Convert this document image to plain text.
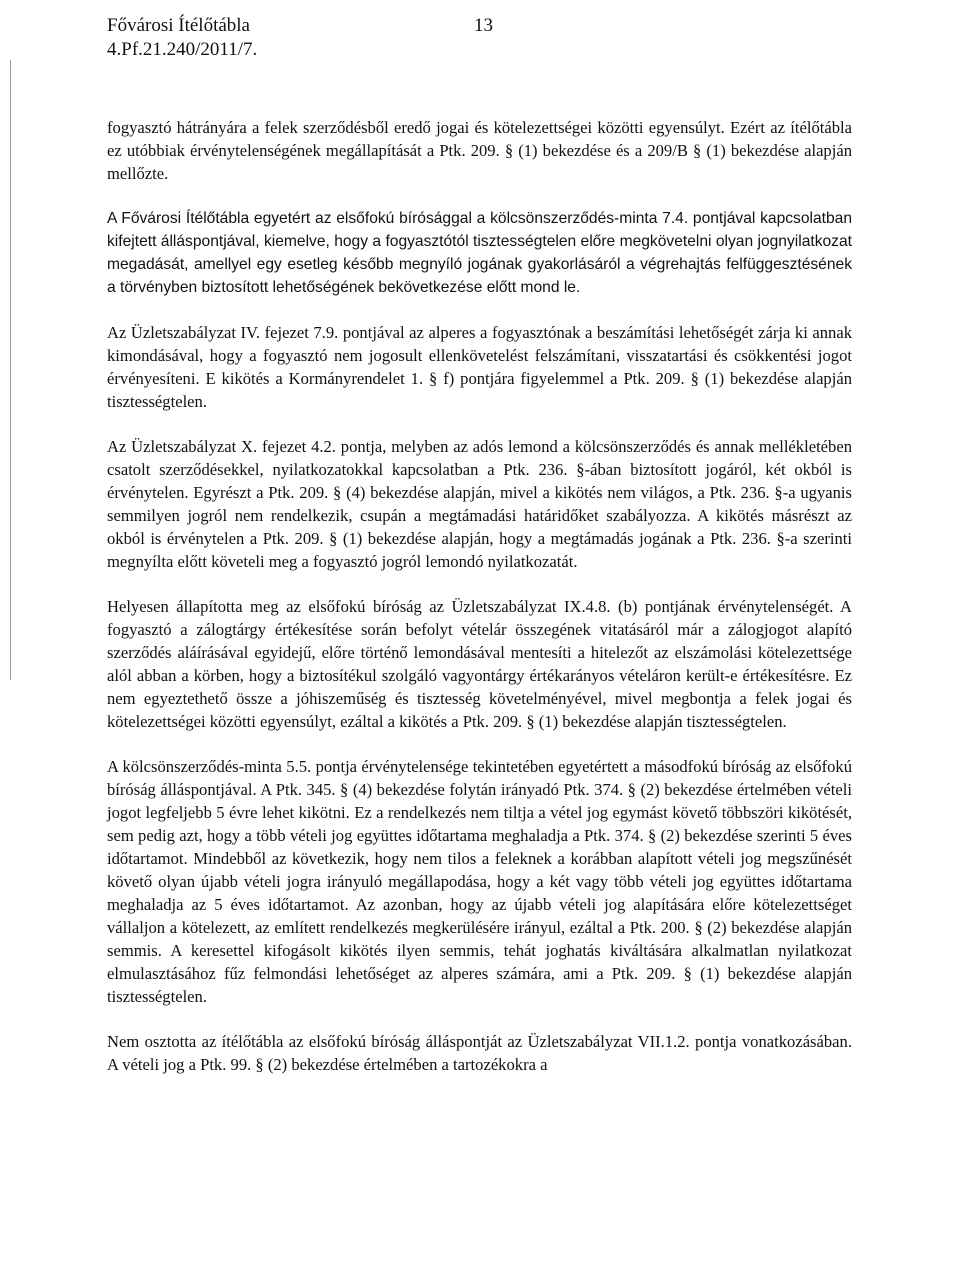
Fővárosi Ítélőtábla
4.Pf.21.240/2011/7.
13

fogyasztó hátrányára a felek szerződésből eredő jogai és kötelezettségei közötti egyensúlyt. Ezért az ítélőtábla ez utóbbiak érvénytelenségének megállapítását a Ptk. 209. § (1) bekezdése és a 209/B § (1) bekezdése alapján mellőzte.

A Fővárosi Ítélőtábla egyetért az elsőfokú bírósággal a kölcsönszerződés-minta 7.4. pontjával kapcsolatban kifejtett álláspontjával, kiemelve, hogy a fogyasztótól tisztességtelen előre megkövetelni olyan jognyilatkozat megadását, amellyel egy esetleg később megnyíló jogának gyakorlásáról a végrehajtás felfüggesztésének a törvényben biztosított lehetőségének bekövetkezése előtt mond le.

Az Üzletszabályzat IV. fejezet 7.9. pontjával az alperes a fogyasztónak a beszámítási lehetőségét zárja ki annak kimondásával, hogy a fogyasztó nem jogosult ellenkövetelést felszámítani, visszatartási és csökkentési jogot érvényesíteni. E kikötés a Kormányrendelet 1. § f) pontjára figyelemmel a Ptk. 209. § (1) bekezdése alapján tisztességtelen.

Az Üzletszabályzat X. fejezet 4.2. pontja, melyben az adós lemond a kölcsönszerződés és annak mellékletében csatolt szerződésekkel, nyilatkozatokkal kapcsolatban a Ptk. 236. §-ában biztosított jogáról, két okból is érvénytelen. Egyrészt a Ptk. 209. § (4) bekezdése alapján, mivel a kikötés nem világos, a Ptk. 236. §-a ugyanis semmilyen jogról nem rendelkezik, csupán a megtámadási határidőket szabályozza. A kikötés másrészt az okból is érvénytelen a Ptk. 209. § (1) bekezdése alapján, hogy a megtámadás jogának a Ptk. 236. §-a szerinti megnyílta előtt követeli meg a fogyasztó jogról lemondó nyilatkozatát.

Helyesen állapította meg az elsőfokú bíróság az Üzletszabályzat IX.4.8. (b) pontjának érvénytelenségét. A fogyasztó a zálogtárgy értékesítése során befolyt vételár összegének vitatásáról már a zálogjogot alapító szerződés aláírásával egyidejű, előre történő lemondásával mentesíti a hitelezőt az elszámolási kötelezettsége alól abban a körben, hogy a biztosítékul szolgáló vagyontárgy értékarányos vételáron került-e értékesítésre. Ez nem egyeztethető össze a jóhiszeműség és tisztesség követelményével, mivel megbontja a felek jogai és kötelezettségei közötti egyensúlyt, ezáltal a kikötés a Ptk. 209. § (1) bekezdése alapján tisztességtelen.

A kölcsönszerződés-minta 5.5. pontja érvénytelensége tekintetében egyetértett a másodfokú bíróság az elsőfokú bíróság álláspontjával. A Ptk. 345. § (4) bekezdése folytán irányadó Ptk. 374. § (2) bekezdése értelmében vételi jogot legfeljebb 5 évre lehet kikötni. Ez a rendelkezés nem tiltja a vétel jog egymást követő többszöri kikötését, sem pedig azt, hogy a több vételi jog együttes időtartama meghaladja a Ptk. 374. § (2) bekezdése szerinti 5 éves időtartamot. Mindebből az következik, hogy nem tilos a feleknek a korábban alapított vételi jog megszűnését követő olyan újabb vételi jogra irányuló megállapodása, hogy a két vagy több vételi jog együttes időtartama meghaladja az 5 éves időtartamot. Az azonban, hogy az újabb vételi jog alapítására előre kötelezettséget vállaljon a kötelezett, az említett rendelkezés megkerülésére irányul, ezáltal a Ptk. 200. § (2) bekezdése alapján semmis. A keresettel kifogásolt kikötés ilyen semmis, tehát joghatás kiváltására alkalmatlan nyilatkozat elmulasztásához fűz felmondási lehetőséget az alperes számára, ami a Ptk. 209. § (1) bekezdése alapján tisztességtelen.

Nem osztotta az ítélőtábla az elsőfokú bíróság álláspontját az Üzletszabályzat VII.1.2. pontja vonatkozásában. A vételi jog a Ptk. 99. § (2) bekezdése értelmében a tartozékokra a
